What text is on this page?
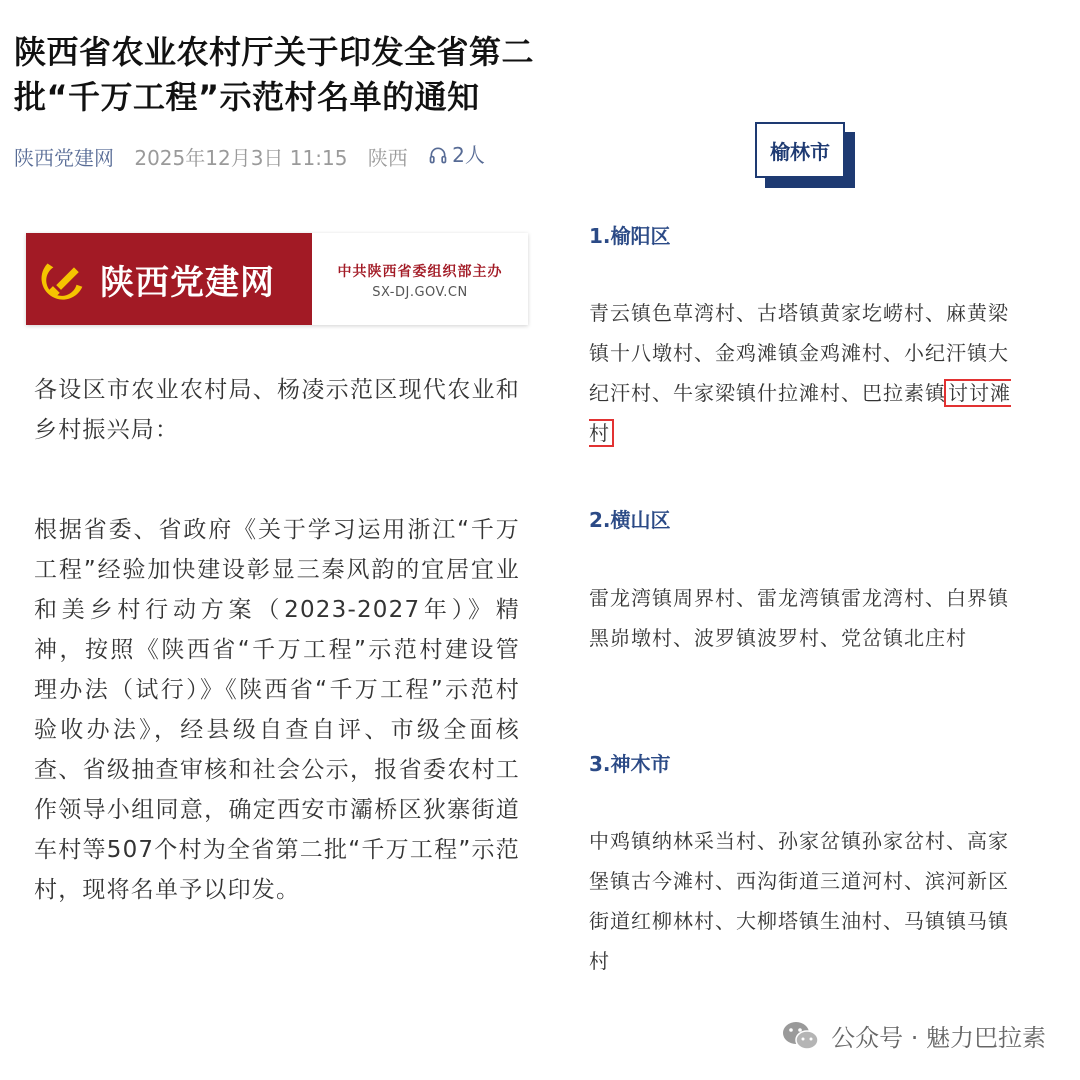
陕西省农业农村厅关于印发全省第二批“千万工程”示范村名单的通知
陕西党建网 2025年12月3日 11:15 陕西 2人
陕西党建网	中共陕西省委组织部主办
SX-DJ.GOV.CN
各设区市农业农村局、杨凌示范区现代农业和乡村振兴局：
根据省委、省政府《关于学习运用浙江“千万工程”经验加快建设彰显三秦风韵的宜居宜业和美乡村行动方案（2023-2027年）》精神，按照《陕西省“千万工程”示范村建设管理办法（试行）》《陕西省“千万工程”示范村验收办法》，经县级自查自评、市级全面核查、省级抽查审核和社会公示，报省委农村工作领导小组同意，确定西安市灞桥区狄寨街道车村等507个村为全省第二批“千万工程”示范村，现将名单予以印发。
榆林市
1.榆阳区
青云镇色草湾村、古塔镇黄家圪崂村、麻黄梁镇十八墩村、金鸡滩镇金鸡滩村、小纪汗镇大纪汗村、牛家梁镇什拉滩村、巴拉素镇 讨讨滩村
2.横山区
雷龙湾镇周界村、雷龙湾镇雷龙湾村、白界镇黑峁墩村、波罗镇波罗村、党岔镇北庄村
3.神木市
中鸡镇纳林采当村、孙家岔镇孙家岔村、高家堡镇古今滩村、西沟街道三道河村、滨河新区街道红柳林村、大柳塔镇生油村、马镇镇马镇村
公众号 · 魅力巴拉素
